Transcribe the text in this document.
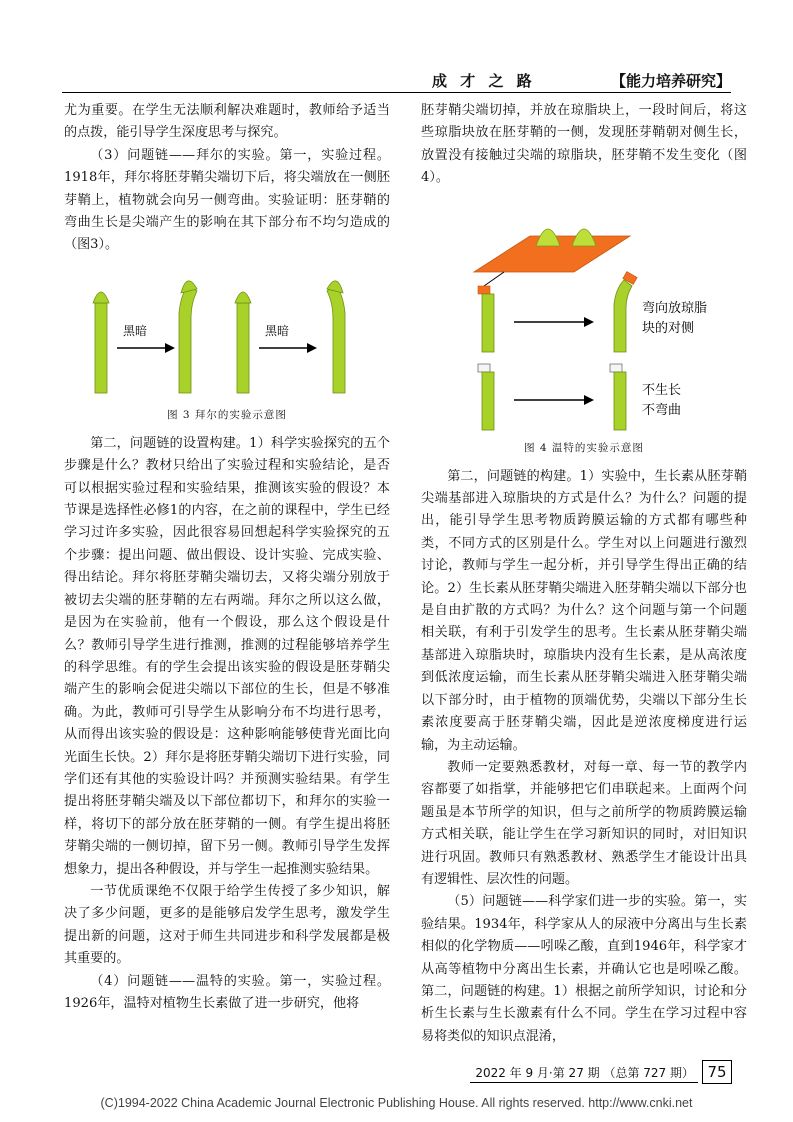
成 才 之 路	【能力培养研究】

尤为重要。在学生无法顺利解决难题时，教师给予适当的点拨，能引导学生深度思考与探究。

（3）问题链——拜尔的实验。第一，实验过程。1918年，拜尔将胚芽鞘尖端切下后，将尖端放在一侧胚芽鞘上，植物就会向另一侧弯曲。实验证明：胚芽鞘的弯曲生长是尖端产生的影响在其下部分布不均匀造成的（图3）。

黑暗	黑暗
图 3 拜尔的实验示意图

第二，问题链的设置构建。1）科学实验探究的五个步骤是什么？教材只给出了实验过程和实验结论，是否可以根据实验过程和实验结果，推测该实验的假设？本节课是选择性必修1的内容，在之前的课程中，学生已经学习过许多实验，因此很容易回想起科学实验探究的五个步骤：提出问题、做出假设、设计实验、完成实验、得出结论。拜尔将胚芽鞘尖端切去，又将尖端分别放于被切去尖端的胚芽鞘的左右两端。拜尔之所以这么做，是因为在实验前，他有一个假设，那么这个假设是什么？教师引导学生进行推测，推测的过程能够培养学生的科学思维。有的学生会提出该实验的假设是胚芽鞘尖端产生的影响会促进尖端以下部位的生长，但是不够准确。为此，教师可引导学生从影响分布不均进行思考，从而得出该实验的假设是：这种影响能够使背光面比向光面生长快。2）拜尔是将胚芽鞘尖端切下进行实验，同学们还有其他的实验设计吗？并预测实验结果。有学生提出将胚芽鞘尖端及以下部位都切下，和拜尔的实验一样，将切下的部分放在胚芽鞘的一侧。有学生提出将胚芽鞘尖端的一侧切掉，留下另一侧。教师引导学生发挥想象力，提出各种假设，并与学生一起推测实验结果。

一节优质课绝不仅限于给学生传授了多少知识，解决了多少问题，更多的是能够启发学生思考，激发学生提出新的问题，这对于师生共同进步和科学发展都是极其重要的。

（4）问题链——温特的实验。第一，实验过程。1926年，温特对植物生长素做了进一步研究，他将

胚芽鞘尖端切掉，并放在琼脂块上，一段时间后，将这些琼脂块放在胚芽鞘的一侧，发现胚芽鞘朝对侧生长，放置没有接触过尖端的琼脂块，胚芽鞘不发生变化（图4）。

弯向放琼脂
块的对侧
不生长
不弯曲
图 4 温特的实验示意图

第二，问题链的构建。1）实验中，生长素从胚芽鞘尖端基部进入琼脂块的方式是什么？为什么？问题的提出，能引导学生思考物质跨膜运输的方式都有哪些种类，不同方式的区别是什么。学生对以上问题进行激烈讨论，教师与学生一起分析，并引导学生得出正确的结论。2）生长素从胚芽鞘尖端进入胚芽鞘尖端以下部分也是自由扩散的方式吗？为什么？这个问题与第一个问题相关联，有利于引发学生的思考。生长素从胚芽鞘尖端基部进入琼脂块时，琼脂块内没有生长素，是从高浓度到低浓度运输，而生长素从胚芽鞘尖端进入胚芽鞘尖端以下部分时，由于植物的顶端优势，尖端以下部分生长素浓度要高于胚芽鞘尖端，因此是逆浓度梯度进行运输，为主动运输。

教师一定要熟悉教材，对每一章、每一节的教学内容都要了如指掌，并能够把它们串联起来。上面两个问题虽是本节所学的知识，但与之前所学的物质跨膜运输方式相关联，能让学生在学习新知识的同时，对旧知识进行巩固。教师只有熟悉教材、熟悉学生才能设计出具有逻辑性、层次性的问题。

（5）问题链——科学家们进一步的实验。第一，实验结果。1934年，科学家从人的尿液中分离出与生长素相似的化学物质——吲哚乙酸，直到1946年，科学家才从高等植物中分离出生长素，并确认它也是吲哚乙酸。第二，问题链的构建。1）根据之前所学知识，讨论和分析生长素与生长激素有什么不同。学生在学习过程中容易将类似的知识点混淆，

2022 年 9 月·第 27 期 （总第 727 期） 75
(C)1994-2022 China Academic Journal Electronic Publishing House. All rights reserved. http://www.cnki.net
